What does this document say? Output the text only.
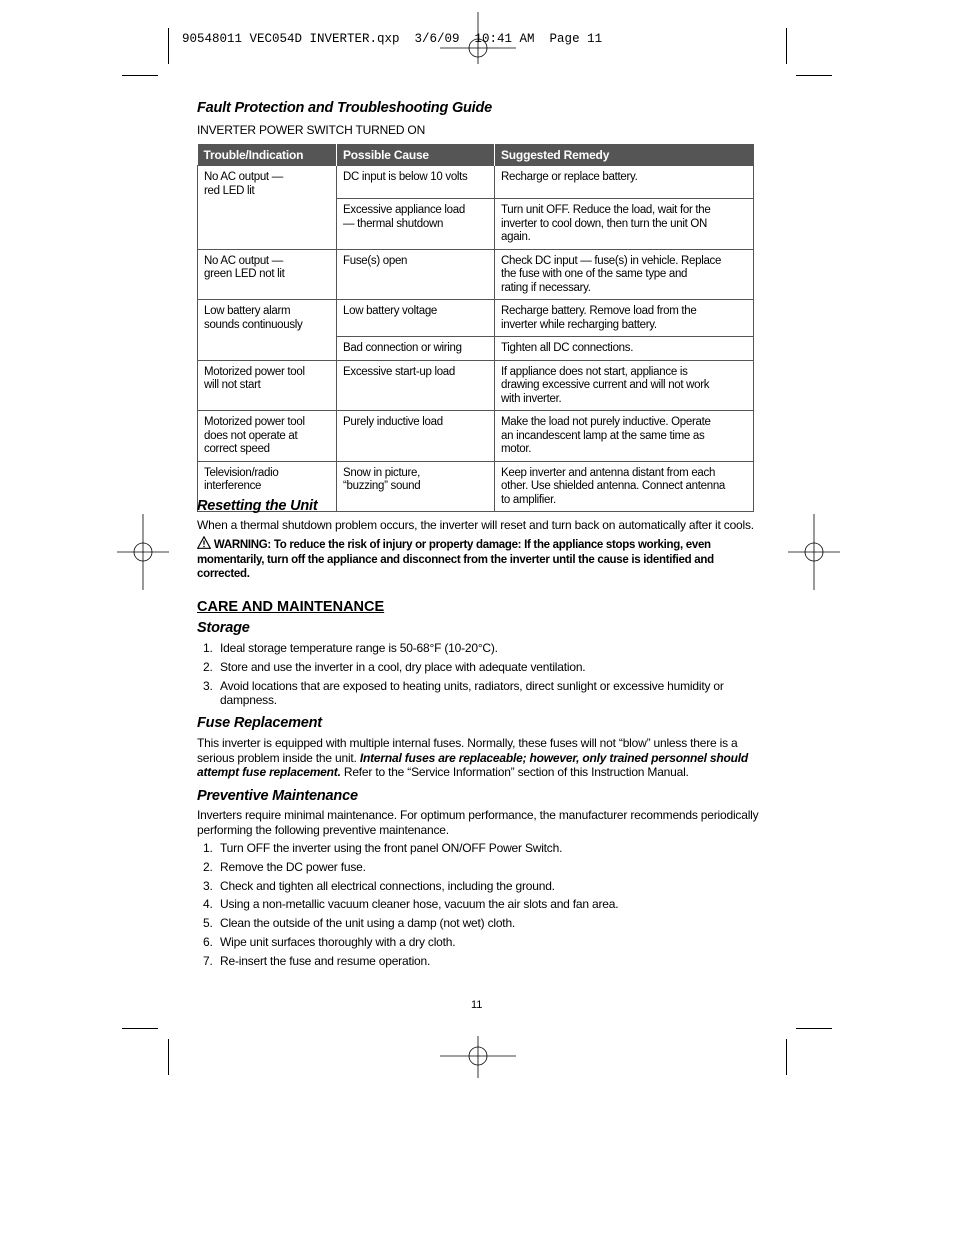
90548011 VEC054D INVERTER.qxp  3/6/09  10:41 AM  Page 11
Fault Protection and Troubleshooting Guide
INVERTER POWER SWITCH TURNED ON
Trouble/Indication	Possible Cause	Suggested Remedy
No AC output —
red LED lit	DC input is below 10 volts	Recharge or replace battery.
	Excessive appliance load
— thermal shutdown	Turn unit OFF. Reduce the load, wait for the
inverter to cool down, then turn the unit ON
again.
No AC output —
green LED not lit	Fuse(s) open	Check DC input — fuse(s) in vehicle. Replace
the fuse with one of the same type and
rating if necessary.
Low battery alarm
sounds continuously	Low battery voltage	Recharge battery. Remove load from the
inverter while recharging battery.
	Bad connection or wiring	Tighten all DC connections.
Motorized power tool
will not start	Excessive start-up load	If appliance does not start, appliance is
drawing excessive current and will not work
with inverter.
Motorized power tool
does not operate at
correct speed	Purely inductive load	Make the load not purely inductive. Operate
an incandescent lamp at the same time as
motor.
Television/radio
interference	Snow in picture,
“buzzing” sound	Keep inverter and antenna distant from each
other. Use shielded antenna. Connect antenna
to amplifier.
Resetting the Unit
When a thermal shutdown problem occurs, the inverter will reset and turn back on automatically after it cools.
WARNING: To reduce the risk of injury or property damage: If the appliance stops working, even
momentarily, turn off the appliance and disconnect from the inverter until the cause is identified and
corrected.
CARE AND MAINTENANCE
Storage
1. Ideal storage temperature range is 50-68°F (10-20°C).
2. Store and use the inverter in a cool, dry place with adequate ventilation.
3. Avoid locations that are exposed to heating units, radiators, direct sunlight or excessive humidity or
dampness.
Fuse Replacement
This inverter is equipped with multiple internal fuses. Normally, these fuses will not “blow” unless there is a
serious problem inside the unit. Internal fuses are replaceable; however, only trained personnel should
attempt fuse replacement. Refer to the “Service Information” section of this Instruction Manual.
Preventive Maintenance
Inverters require minimal maintenance. For optimum performance, the manufacturer recommends periodically
performing the following preventive maintenance.
1. Turn OFF the inverter using the front panel ON/OFF Power Switch.
2. Remove the DC power fuse.
3. Check and tighten all electrical connections, including the ground.
4. Using a non-metallic vacuum cleaner hose, vacuum the air slots and fan area.
5. Clean the outside of the unit using a damp (not wet) cloth.
6. Wipe unit surfaces thoroughly with a dry cloth.
7. Re-insert the fuse and resume operation.
11
